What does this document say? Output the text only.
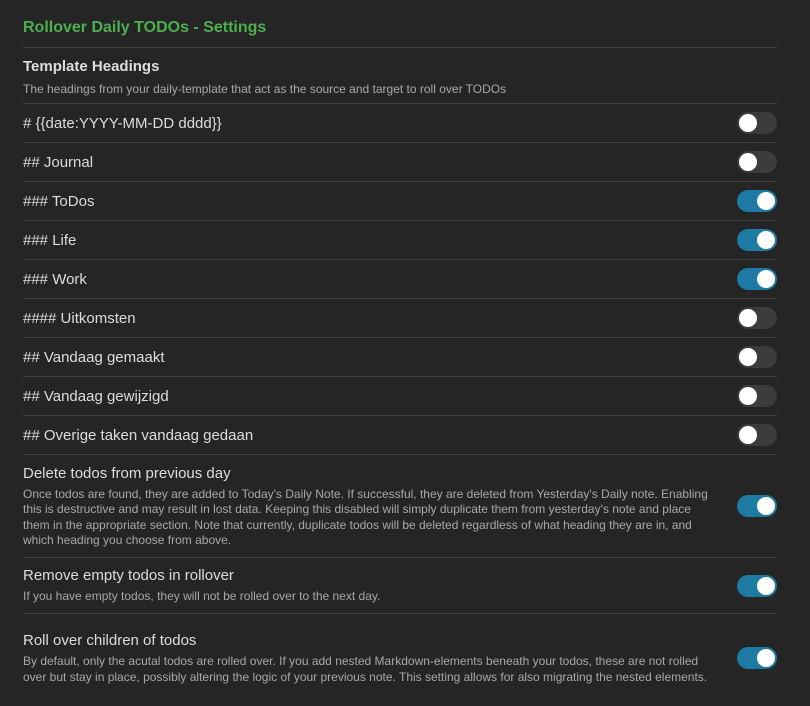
Rollover Daily TODOs - Settings
Template Headings
The headings from your daily-template that act as the source and target to roll over TODOs
# {{date:YYYY-MM-DD dddd}}
## Journal
### ToDos
### Life
### Work
#### Uitkomsten
## Vandaag gemaakt
## Vandaag gewijzigd
## Overige taken vandaag gedaan
Delete todos from previous day
Once todos are found, they are added to Today's Daily Note. If successful, they are deleted from Yesterday's Daily note. Enabling this is destructive and may result in lost data. Keeping this disabled will simply duplicate them from yesterday's note and place them in the appropriate section. Note that currently, duplicate todos will be deleted regardless of what heading they are in, and which heading you choose from above.
Remove empty todos in rollover
If you have empty todos, they will not be rolled over to the next day.
Roll over children of todos
By default, only the acutal todos are rolled over. If you add nested Markdown-elements beneath your todos, these are not rolled over but stay in place, possibly altering the logic of your previous note. This setting allows for also migrating the nested elements.
